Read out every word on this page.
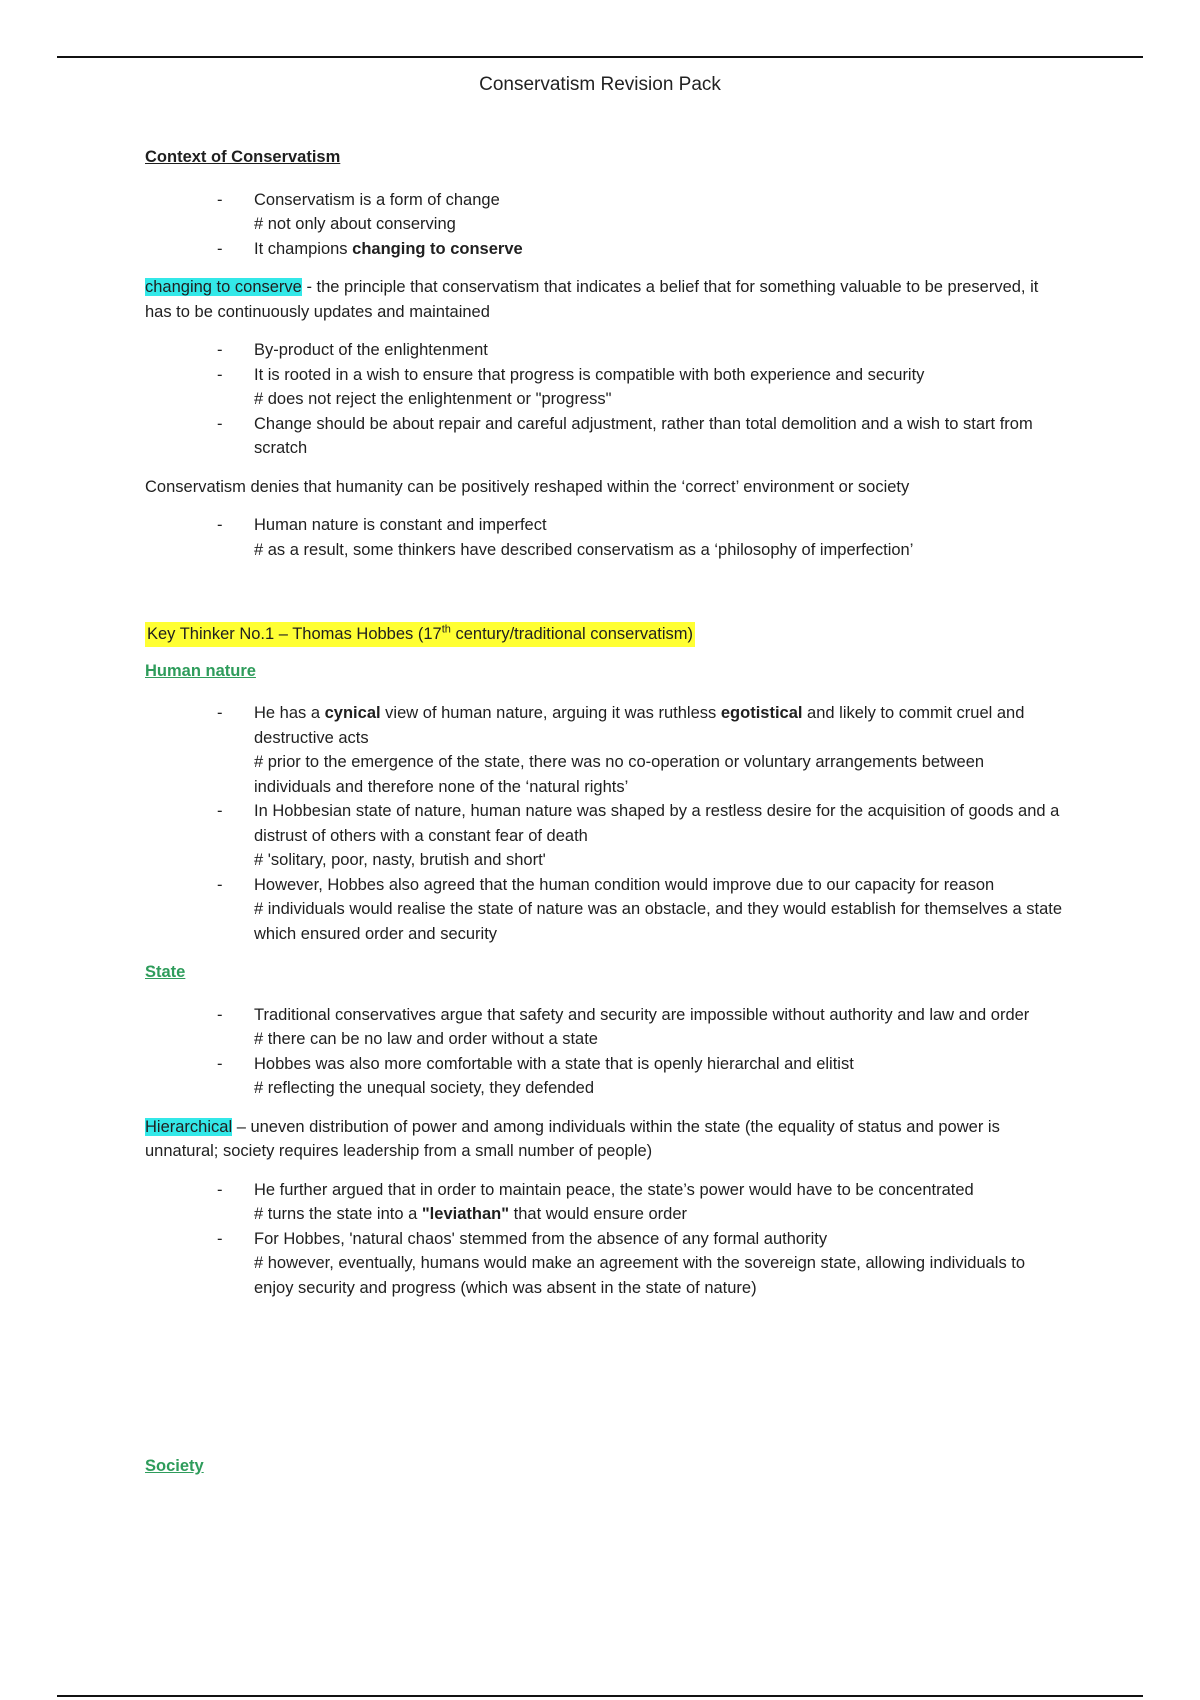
Conservatism Revision Pack
Context of Conservatism
- Conservatism is a form of change
# not only about conserving
- It champions changing to conserve

changing to conserve - the principle that conservatism that indicates a belief that for something valuable to be preserved, it has to be continuously updates and maintained

- By-product of the enlightenment
- It is rooted in a wish to ensure that progress is compatible with both experience and security
# does not reject the enlightenment or "progress"
- Change should be about repair and careful adjustment, rather than total demolition and a wish to start from scratch

Conservatism denies that humanity can be positively reshaped within the ‘correct’ environment or society

- Human nature is constant and imperfect
# as a result, some thinkers have described conservatism as a ‘philosophy of imperfection’
Key Thinker No.1 – Thomas Hobbes (17th century/traditional conservatism)
Human nature
- He has a cynical view of human nature, arguing it was ruthless egotistical and likely to commit cruel and destructive acts
# prior to the emergence of the state, there was no co-operation or voluntary arrangements between individuals and therefore none of the ‘natural rights’
- In Hobbesian state of nature, human nature was shaped by a restless desire for the acquisition of goods and a distrust of others with a constant fear of death
# 'solitary, poor, nasty, brutish and short'
- However, Hobbes also agreed that the human condition would improve due to our capacity for reason
# individuals would realise the state of nature was an obstacle, and they would establish for themselves a state which ensured order and security
State
- Traditional conservatives argue that safety and security are impossible without authority and law and order
# there can be no law and order without a state
- Hobbes was also more comfortable with a state that is openly hierarchal and elitist
# reflecting the unequal society, they defended

Hierarchical – uneven distribution of power and among individuals within the state (the equality of status and power is unnatural; society requires leadership from a small number of people)

- He further argued that in order to maintain peace, the state’s power would have to be concentrated
# turns the state into a "leviathan" that would ensure order
- For Hobbes, 'natural chaos' stemmed from the absence of any formal authority
# however, eventually, humans would make an agreement with the sovereign state, allowing individuals to enjoy security and progress (which was absent in the state of nature)
Society
